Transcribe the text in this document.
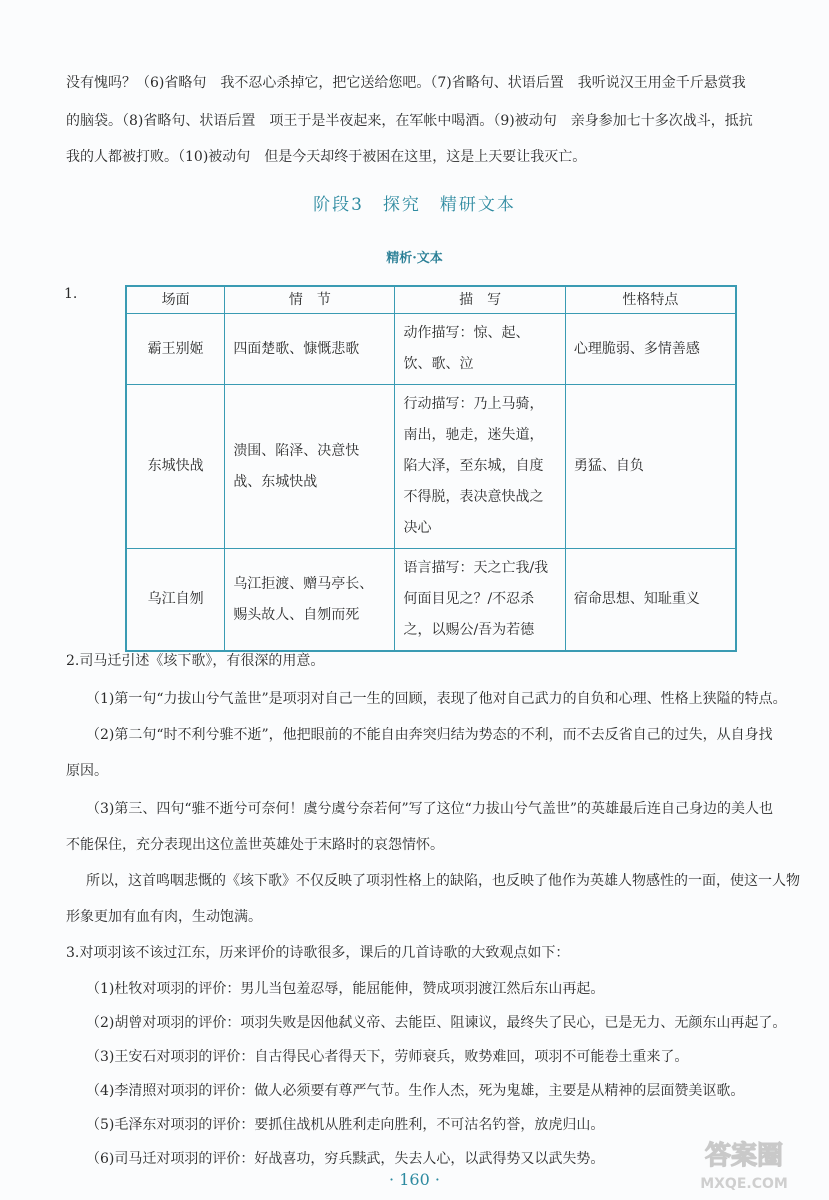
没有愧吗？（6)省略句　我不忍心杀掉它，把它送给您吧。（7)省略句、状语后置　我听说汉王用金千斤悬赏我
的脑袋。（8)省略句、状语后置　项王于是半夜起来，在军帐中喝酒。（9)被动句　亲身参加七十多次战斗，抵抗
我的人都被打败。（10)被动句　但是今天却终于被困在这里，这是上天要让我灭亡。
阶段3　探究　精研文本
精析·文本
1.	场面	情　节	描　写	性格特点
霸王别姬	四面楚歌、慷慨悲歌	动作描写：惊、起、饮、歌、泣	心理脆弱、多情善感
东城快战	溃围、陷泽、决意快战、东城快战	行动描写：乃上马骑，南出，驰走，迷失道，陷大泽，至东城，自度不得脱，表决意快战之决心	勇猛、自负
乌江自刎	乌江拒渡、赠马亭长、赐头故人、自刎而死	语言描写：天之亡我/我何面目见之？/不忍杀之，以赐公/吾为若德	宿命思想、知耻重义
2.司马迁引述《垓下歌》，有很深的用意。
（1)第一句“力拔山兮气盖世”是项羽对自己一生的回顾，表现了他对自己武力的自负和心理、性格上狭隘的特点。
（2)第二句“时不利兮骓不逝”，他把眼前的不能自由奔突归结为势态的不利，而不去反省自己的过失，从自身找
原因。
（3)第三、四句“骓不逝兮可奈何！虞兮虞兮奈若何”写了这位“力拔山兮气盖世”的英雄最后连自己身边的美人也
不能保住，充分表现出这位盖世英雄处于末路时的哀怨情怀。
所以，这首鸣咽悲慨的《垓下歌》不仅反映了项羽性格上的缺陷，也反映了他作为英雄人物感性的一面，使这一人物
形象更加有血有肉，生动饱满。
3.对项羽该不该过江东，历来评价的诗歌很多，课后的几首诗歌的大致观点如下：
（1)杜牧对项羽的评价：男儿当包羞忍辱，能屈能伸，赞成项羽渡江然后东山再起。
（2)胡曾对项羽的评价：项羽失败是因他弑义帝、去能臣、阻谏议，最终失了民心，已是无力、无颜东山再起了。
（3)王安石对项羽的评价：自古得民心者得天下，劳师衰兵，败势难回，项羽不可能卷土重来了。
（4)李清照对项羽的评价：做人必须要有尊严气节。生作人杰，死为鬼雄，主要是从精神的层面赞美讴歌。
（5)毛泽东对项羽的评价：要抓住战机从胜利走向胜利，不可沽名钓誉，放虎归山。
（6)司马迁对项羽的评价：好战喜功，穷兵黩武，失去人心，以武得势又以武失势。
· 160 ·
答案圈
MXQE.COM
